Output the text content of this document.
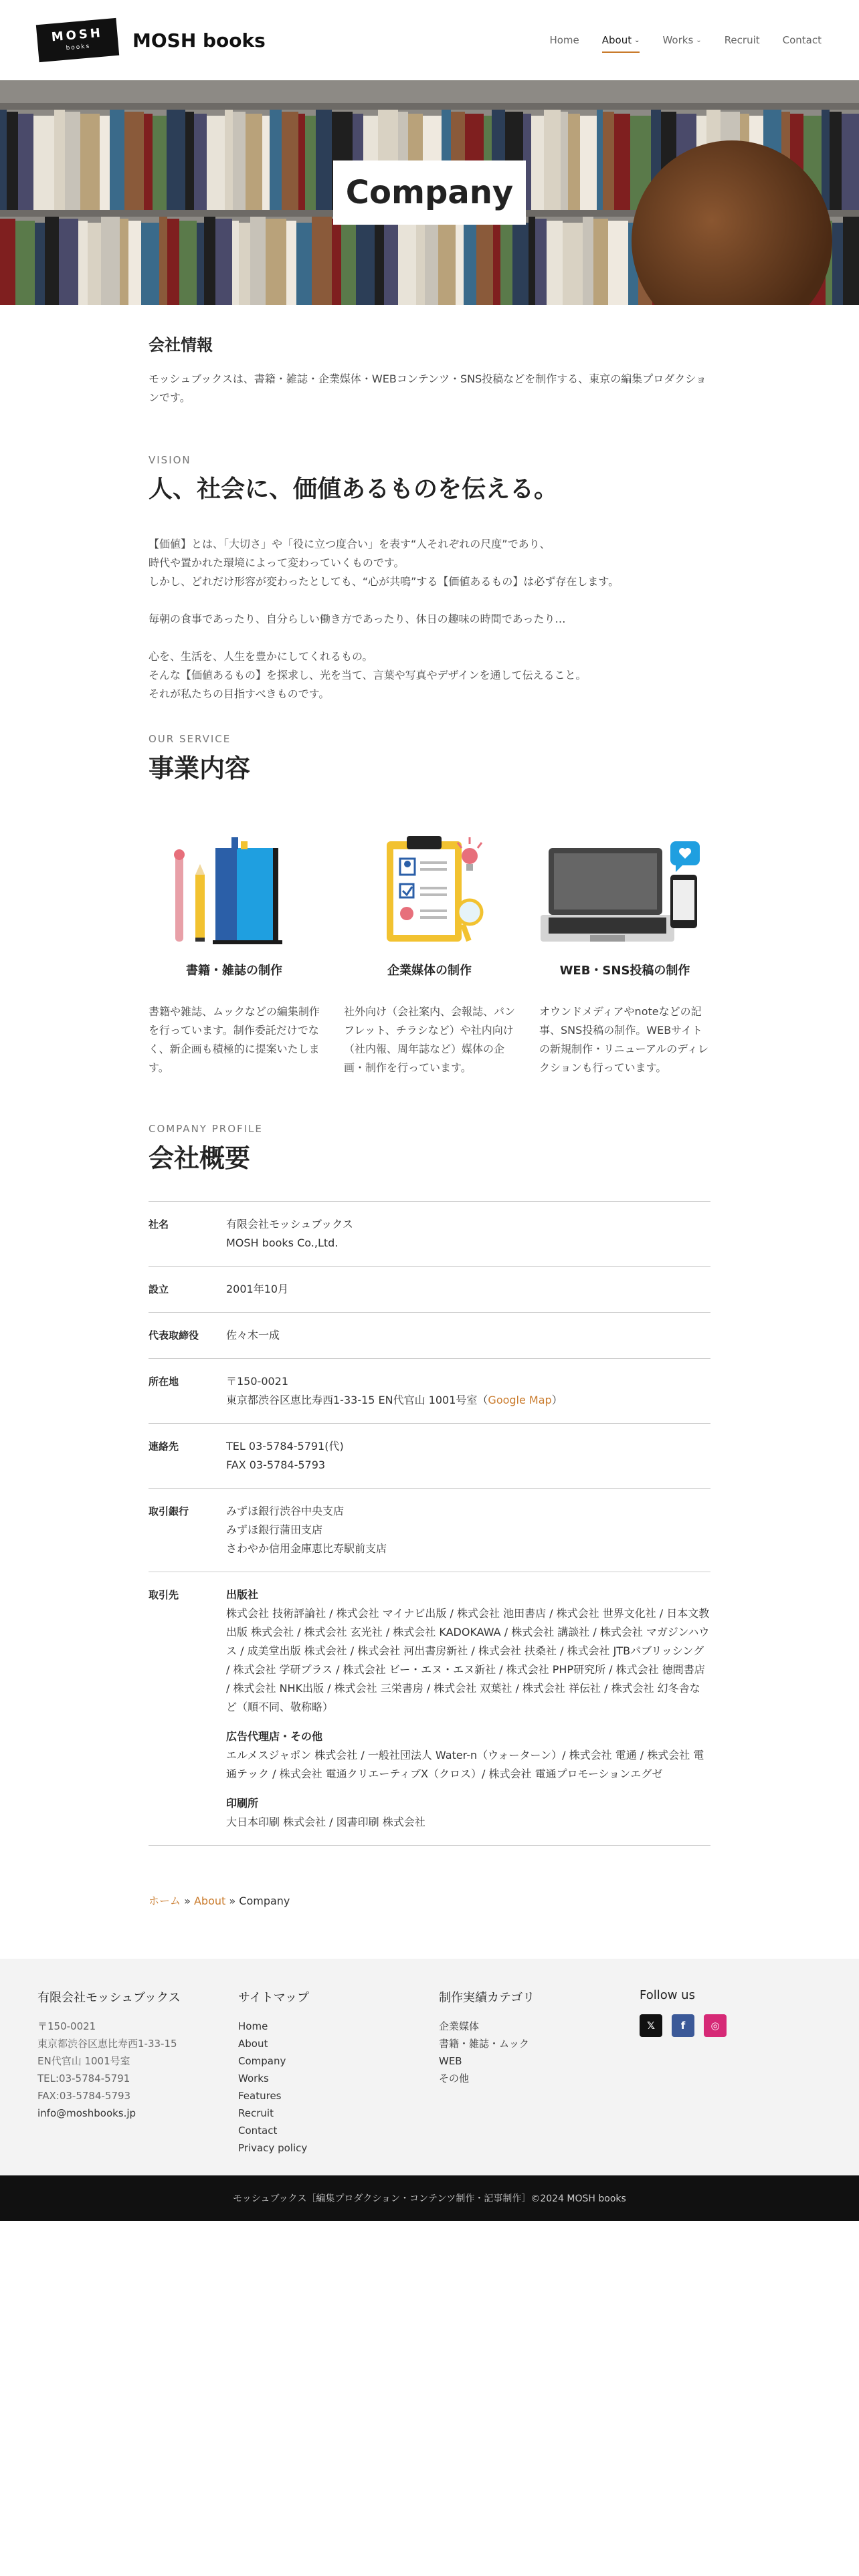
MOSH
books MOSH books	Home About ⌄ Works ⌄ Recruit Contact
Company
会社情報

モッシュブックスは、書籍・雑誌・企業媒体・WEBコンテンツ・SNS投稿などを制作する、東京の編集プロダクションです。

VISION
人、社会に、価値あるものを伝える。

【価値】とは、「大切さ」や「役に立つ度合い」を表す“人それぞれの尺度”であり、
時代や置かれた環境によって変わっていくものです。
しかし、どれだけ形容が変わったとしても、“心が共鳴”する【価値あるもの】は必ず存在します。

毎朝の食事であったり、自分らしい働き方であったり、休日の趣味の時間であったり…

心を、生活を、人生を豊かにしてくれるもの。
そんな【価値あるもの】を探求し、光を当て、言葉や写真やデザインを通して伝えること。
それが私たちの目指すべきものです。

OUR SERVICE
事業内容
書籍・雑誌の制作

書籍や雑誌、ムックなどの編集制作を行っています。制作委託だけでなく、新企画も積極的に提案いたします。

企業媒体の制作

社外向け（会社案内、会報誌、パンフレット、チラシなど）や社内向け（社内報、周年誌など）媒体の企画・制作を行っています。

WEB・SNS投稿の制作

オウンドメディアやnoteなどの記事、SNS投稿の制作。WEBサイトの新規制作・リニューアルのディレクションも行っています。

COMPANY PROFILE
会社概要
社名	有限会社モッシュブックス
MOSH books Co.,Ltd.
設立	2001年10月
代表取締役	佐々木一成
所在地	〒150-0021
東京都渋谷区恵比寿西1-33-15 EN代官山 1001号室（Google Map）
連絡先	TEL 03-5784-5791(代)
FAX 03-5784-5793
取引銀行	みずほ銀行渋谷中央支店
みずほ銀行蒲田支店
さわやか信用金庫恵比寿駅前支店
取引先	出版社
株式会社 技術評論社 / 株式会社 マイナビ出版 / 株式会社 池田書店 / 株式会社 世界文化社 / 日本文教出版 株式会社 / 株式会社 玄光社 / 株式会社 KADOKAWA / 株式会社 講談社 / 株式会社 マガジンハウス / 成美堂出版 株式会社 / 株式会社 河出書房新社 / 株式会社 扶桑社 / 株式会社 JTBパブリッシング / 株式会社 学研プラス / 株式会社 ビー・エヌ・エヌ新社 / 株式会社 PHP研究所 / 株式会社 徳間書店 / 株式会社 NHK出版 / 株式会社 三栄書房 / 株式会社 双葉社 / 株式会社 祥伝社 / 株式会社 幻冬舎など（順不同、敬称略）
広告代理店・その他
エルメスジャポン 株式会社 / 一般社団法人 Water-n（ウォーターン）/ 株式会社 電通 / 株式会社 電通テック / 株式会社 電通クリエーティブX（クロス）/ 株式会社 電通プロモーションエグゼ
印刷所
大日本印刷 株式会社 / 図書印刷 株式会社
ホーム » About » Company
有限会社モッシュブックス
〒150-0021
東京都渋谷区恵比寿西1-33-15
EN代官山 1001号室
TEL:03-5784-5791
FAX:03-5784-5793
info@moshbooks.jp
サイトマップ
Home
About
Company
Works
Features
Recruit
Contact
Privacy policy
制作実績カテゴリ
企業媒体
書籍・雑誌・ムック
WEB
その他
Follow us
𝕏	f	◎
モッシュブックス［編集プロダクション・コンテンツ制作・記事制作］©2024 MOSH books
